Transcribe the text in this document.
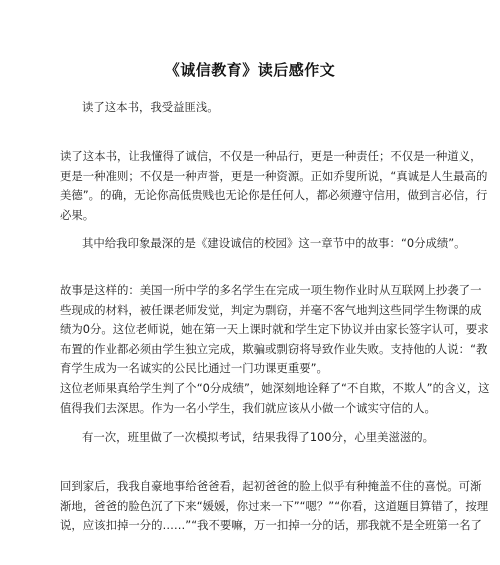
《诚信教育》读后感作文
读了这本书，我受益匪浅。
读了这本书，让我懂得了诚信，不仅是一种品行，更是一种责任；不仅是一种道义，
更是一种准则；不仅是一种声誉，更是一种资源。正如乔叟所说，“真诚是人生最高的
美德”。的确，无论你高低贵贱也无论你是任何人，都必须遵守信用，做到言必信，行
必果。
其中给我印象最深的是《建设诚信的校园》这一章节中的故事：“0分成绩”。
故事是这样的：美国一所中学的多名学生在完成一项生物作业时从互联网上抄袭了一
些现成的材料，被任课老师发觉，判定为剽窃，并毫不客气地判这些同学生物课的成
绩为0分。这位老师说，她在第一天上课时就和学生定下协议并由家长签字认可，要求
布置的作业都必须由学生独立完成，欺骗或剽窃将导致作业失败。支持他的人说：“教
育学生成为一名诚实的公民比通过一门功课更重要”。
这位老师果真给学生判了个“0分成绩”，她深刻地诠释了“不自欺，不欺人”的含义，这
值得我们去深思。作为一名小学生，我们就应该从小做一个诚实守信的人。
有一次，班里做了一次模拟考试，结果我得了100分，心里美滋滋的。
回到家后，我我自豪地事给爸爸看，起初爸爸的脸上似乎有种掩盖不住的喜悦。可渐
渐地，爸爸的脸色沉了下来“媛媛，你过来一下”“嗯？”“你看，这道题目算错了，按理
说，应该扣掉一分的……”“我不要嘛，万一扣掉一分的话，那我就不是全班第一名了
